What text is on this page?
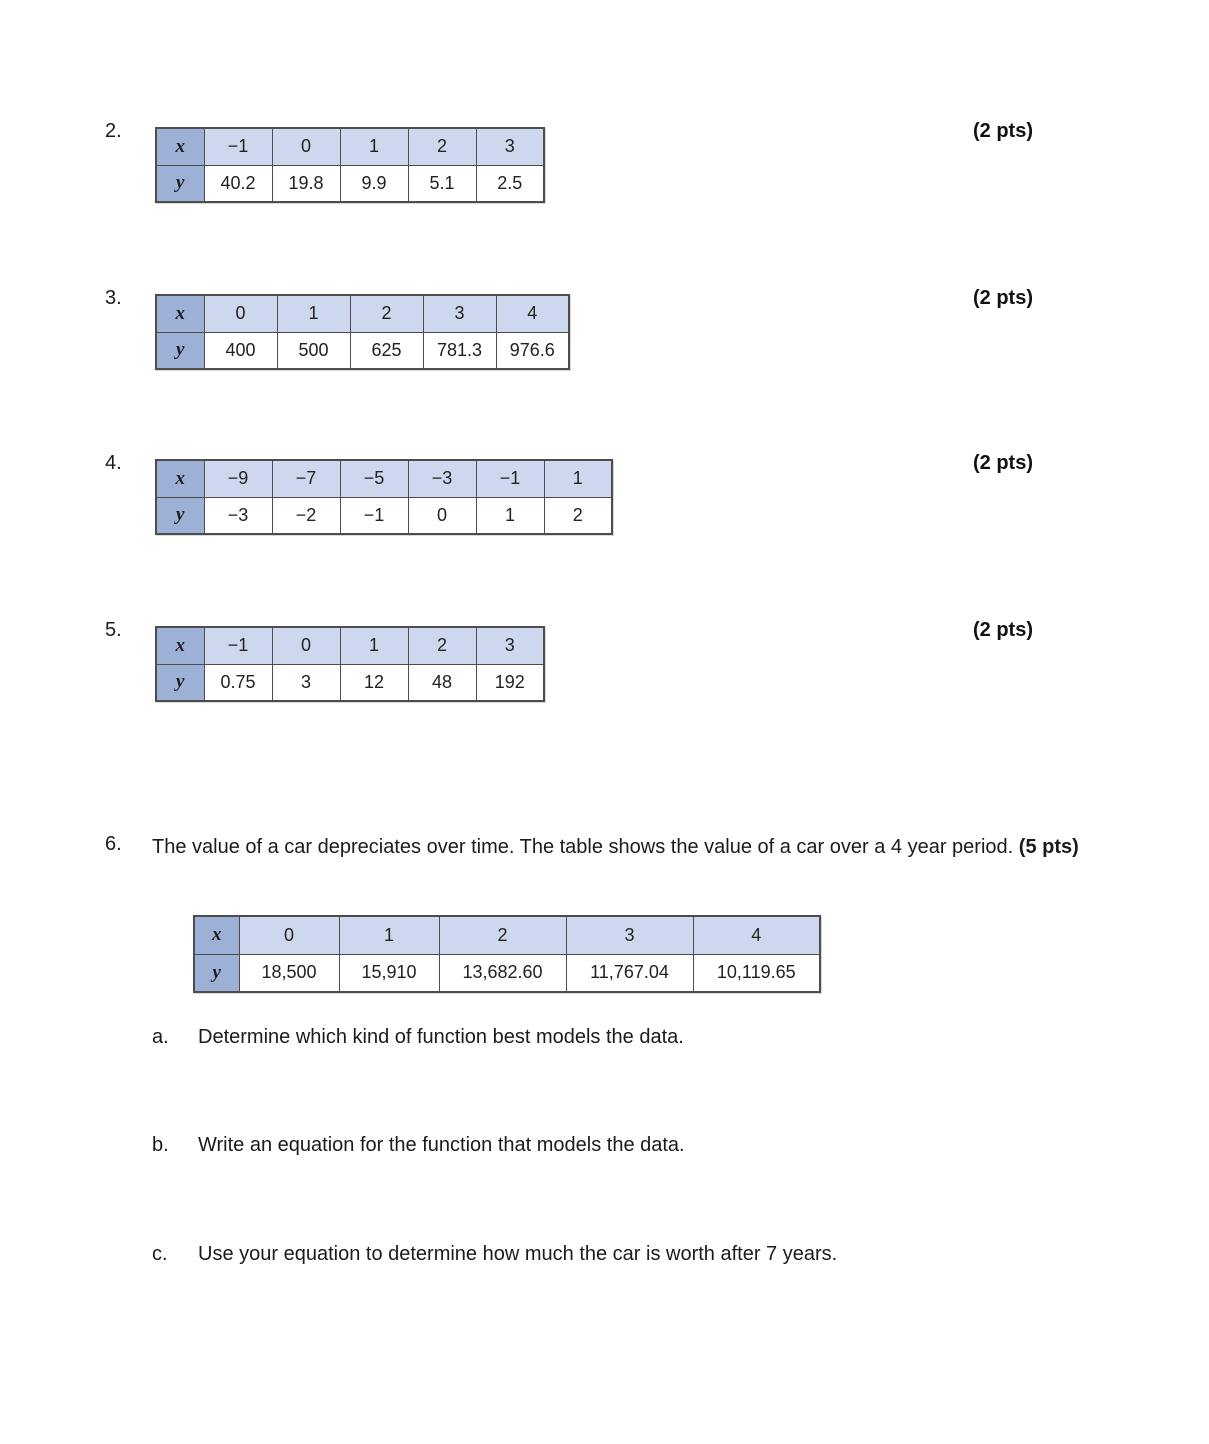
2.
x	−1	0	1	2	3
y	40.2	19.8	9.9	5.1	2.5
(2 pts)
3.
x	0	1	2	3	4
y	400	500	625	781.3	976.6
(2 pts)
4.
x	−9	−7	−5	−3	−1	1
y	−3	−2	−1	0	1	2
(2 pts)
5.
x	−1	0	1	2	3
y	0.75	3	12	48	192
(2 pts)
6. The value of a car depreciates over time. The table shows the value of a car over a 4 year period. (5 pts)
x	0	1	2	3	4
y	18,500	15,910	13,682.60	11,767.04	10,119.65
a. Determine which kind of function best models the data.
b. Write an equation for the function that models the data.
c. Use your equation to determine how much the car is worth after 7 years.
